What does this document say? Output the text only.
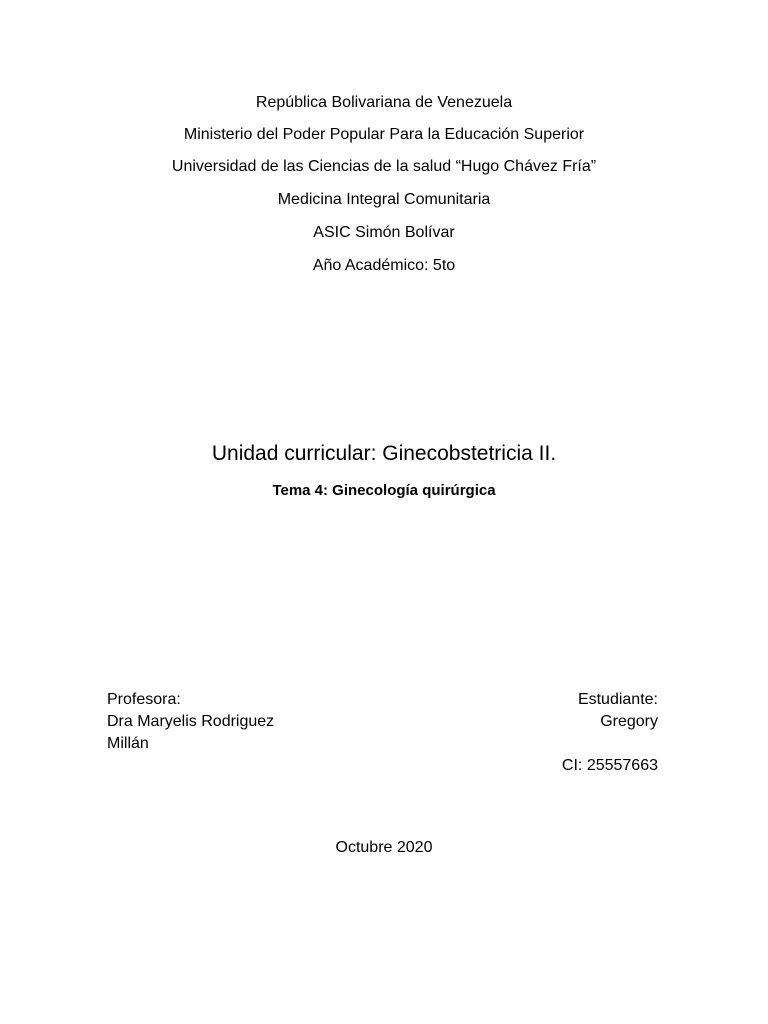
República Bolivariana de Venezuela
Ministerio del Poder Popular Para la Educación Superior
Universidad de las Ciencias de la salud “Hugo Chávez Fría”
Medicina Integral Comunitaria
ASIC Simón Bolívar
Año Académico: 5to
Unidad curricular: Ginecobstetricia II.
Tema 4: Ginecología quirúrgica
Profesora:
Dra Maryelis Rodriguez
Millán
Estudiante:
Gregory
CI: 25557663
Octubre 2020
